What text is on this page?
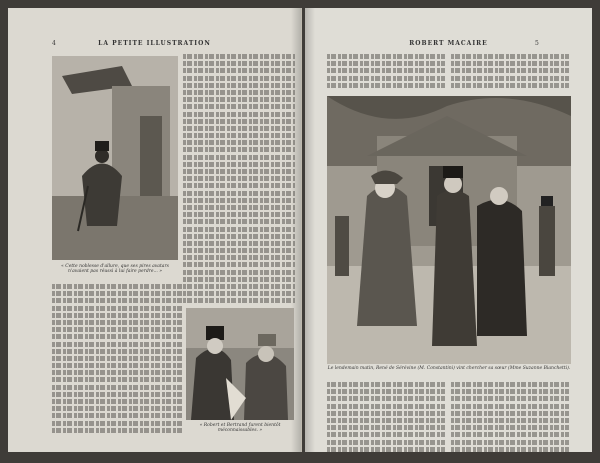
4	LA PETITE ILLUSTRATION
« Cette noblesse d'allure, que ses pires avatars n'avaient pas réussi à lui faire perdre... »
« Robert et Bertrand furent bientôt méconnaissables. »
ROBERT MACAIRE	5
Le lendemain matin, René de Sérévine (M. Constantini) vint chercher sa sœur (Mme Suzanne Bianchetti).
